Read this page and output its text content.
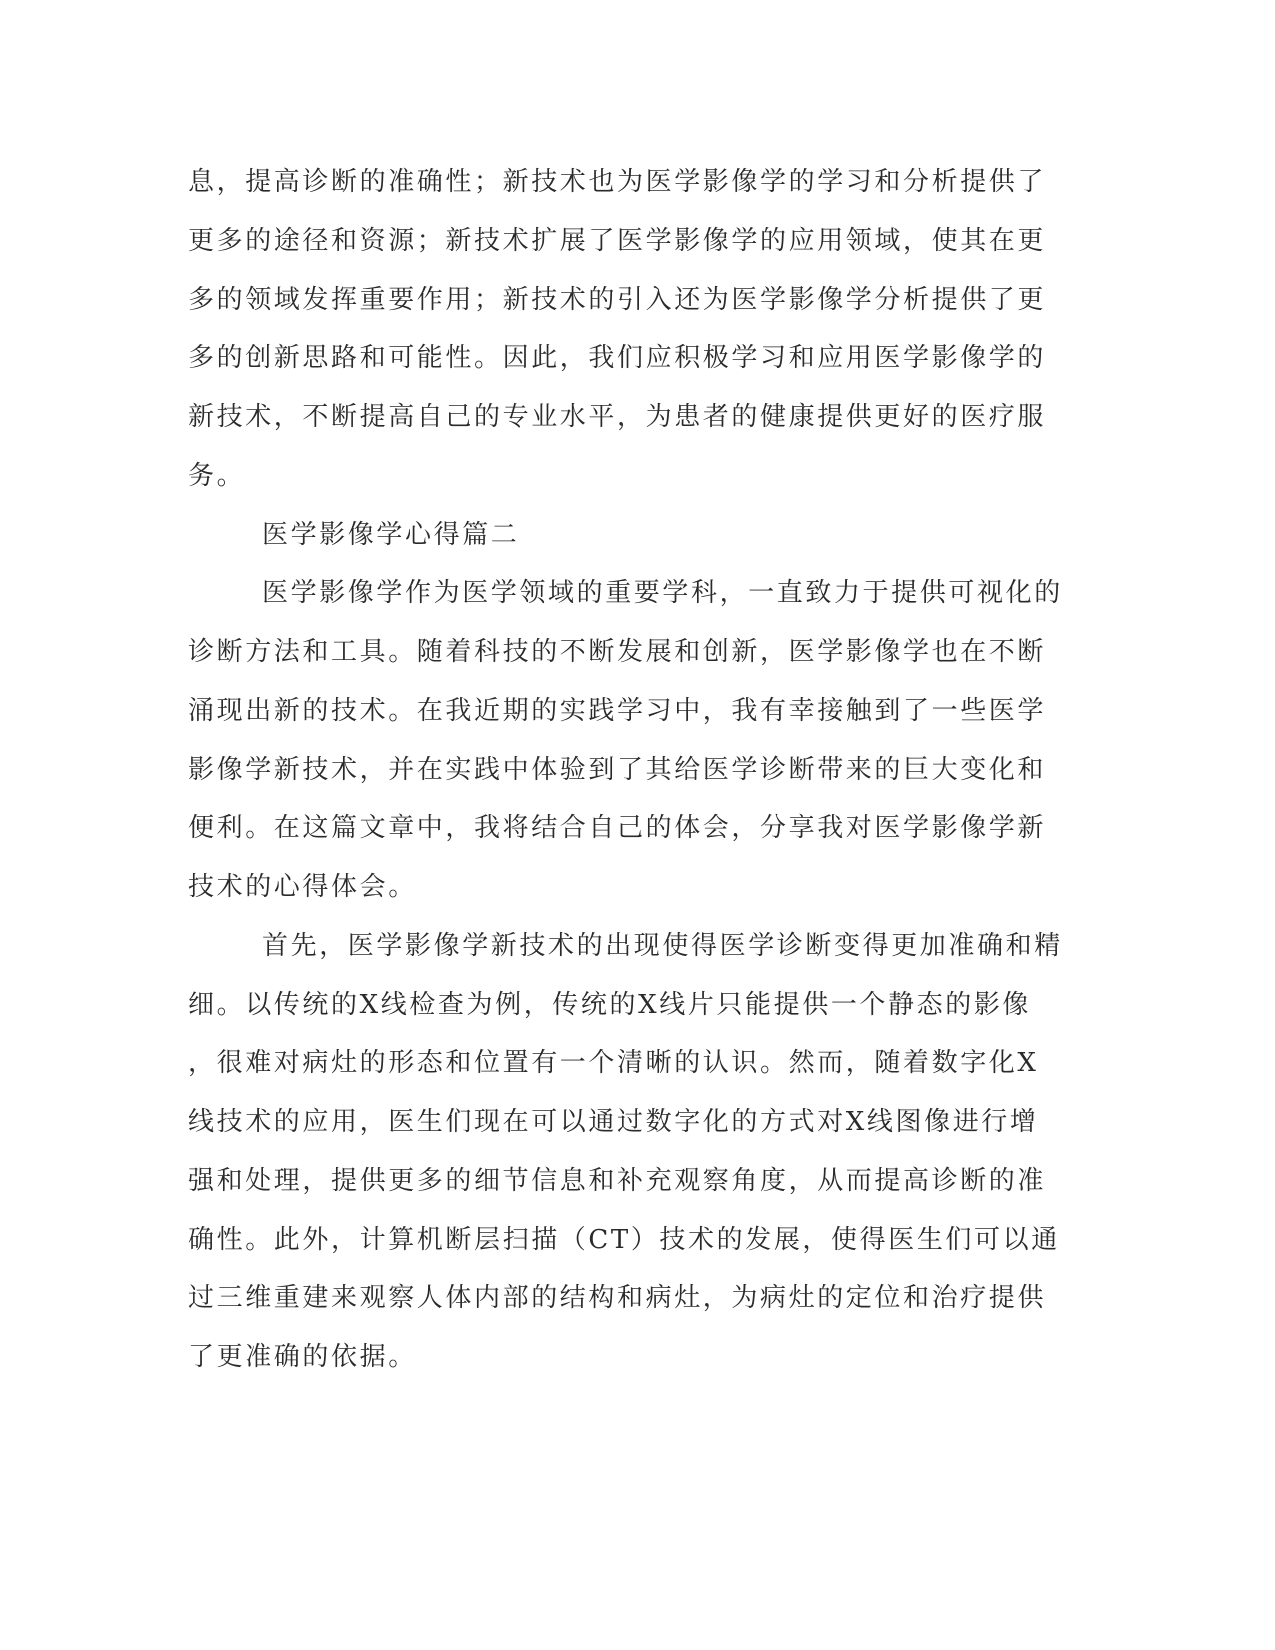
息，提高诊断的准确性；新技术也为医学影像学的学习和分析提供了
更多的途径和资源；新技术扩展了医学影像学的应用领域，使其在更
多的领域发挥重要作用；新技术的引入还为医学影像学分析提供了更
多的创新思路和可能性。因此，我们应积极学习和应用医学影像学的
新技术，不断提高自己的专业水平，为患者的健康提供更好的医疗服
务。
医学影像学心得篇二
医学影像学作为医学领域的重要学科，一直致力于提供可视化的
诊断方法和工具。随着科技的不断发展和创新，医学影像学也在不断
涌现出新的技术。在我近期的实践学习中，我有幸接触到了一些医学
影像学新技术，并在实践中体验到了其给医学诊断带来的巨大变化和
便利。在这篇文章中，我将结合自己的体会，分享我对医学影像学新
技术的心得体会。
首先，医学影像学新技术的出现使得医学诊断变得更加准确和精
细。以传统的X线检查为例，传统的X线片只能提供一个静态的影像
，很难对病灶的形态和位置有一个清晰的认识。然而，随着数字化X
线技术的应用，医生们现在可以通过数字化的方式对X线图像进行增
强和处理，提供更多的细节信息和补充观察角度，从而提高诊断的准
确性。此外，计算机断层扫描（CT）技术的发展，使得医生们可以通
过三维重建来观察人体内部的结构和病灶，为病灶的定位和治疗提供
了更准确的依据。
